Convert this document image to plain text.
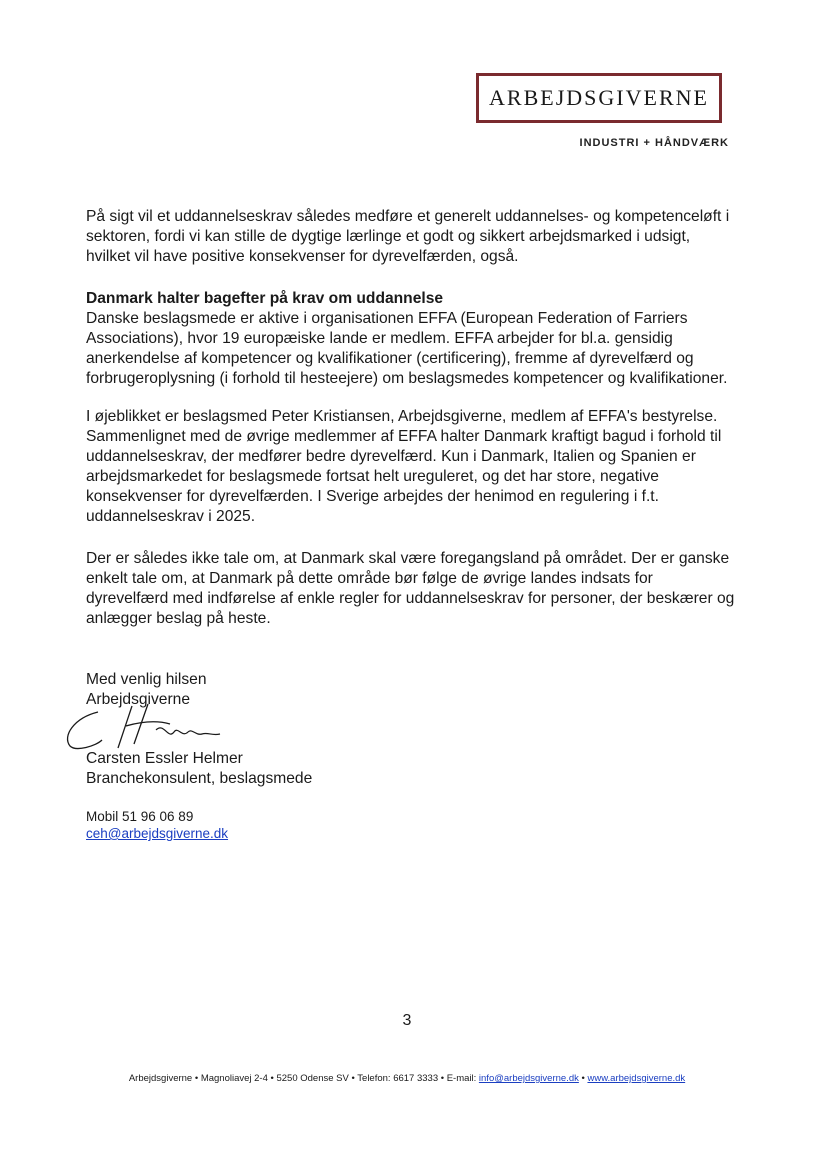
ARBEJDSGIVERNE
INDUSTRI + HÅNDVÆRK

På sigt vil et uddannelseskrav således medføre et generelt uddannelses- og kompetenceløft i sektoren, fordi vi kan stille de dygtige lærlinge et godt og sikkert arbejdsmarked i udsigt, hvilket vil have positive konsekvenser for dyrevelfærden, også.

Danmark halter bagefter på krav om uddannelse

Danske beslagsmede er aktive i organisationen EFFA (European Federation of Farriers Associations), hvor 19 europæiske lande er medlem. EFFA arbejder for bl.a. gensidig anerkendelse af kompetencer og kvalifikationer (certificering), fremme af dyrevelfærd og forbrugeroplysning (i forhold til hesteejere) om beslagsmedes kompetencer og kvalifikationer.

I øjeblikket er beslagsmed Peter Kristiansen, Arbejdsgiverne, medlem af EFFA's bestyrelse. Sammenlignet med de øvrige medlemmer af EFFA halter Danmark kraftigt bagud i forhold til uddannelseskrav, der medfører bedre dyrevelfærd. Kun i Danmark, Italien og Spanien er arbejdsmarkedet for beslagsmede fortsat helt ureguleret, og det har store, negative konsekvenser for dyrevelfærden. I Sverige arbejdes der henimod en regulering i f.t. uddannelseskrav i 2025.

Der er således ikke tale om, at Danmark skal være foregangsland på området. Der er ganske enkelt tale om, at Danmark på dette område bør følge de øvrige landes indsats for dyrevelfærd med indførelse af enkle regler for uddannelseskrav for personer, der beskærer og anlægger beslag på heste.

Med venlig hilsen
Arbejdsgiverne
Carsten Essler Helmer
Branchekonsulent, beslagsmede
Mobil 51 96 06 89
ceh@arbejdsgiverne.dk
3
Arbejdsgiverne • Magnoliavej 2-4 • 5250 Odense SV • Telefon: 6617 3333 • E-mail: info@arbejdsgiverne.dk • www.arbejdsgiverne.dk
